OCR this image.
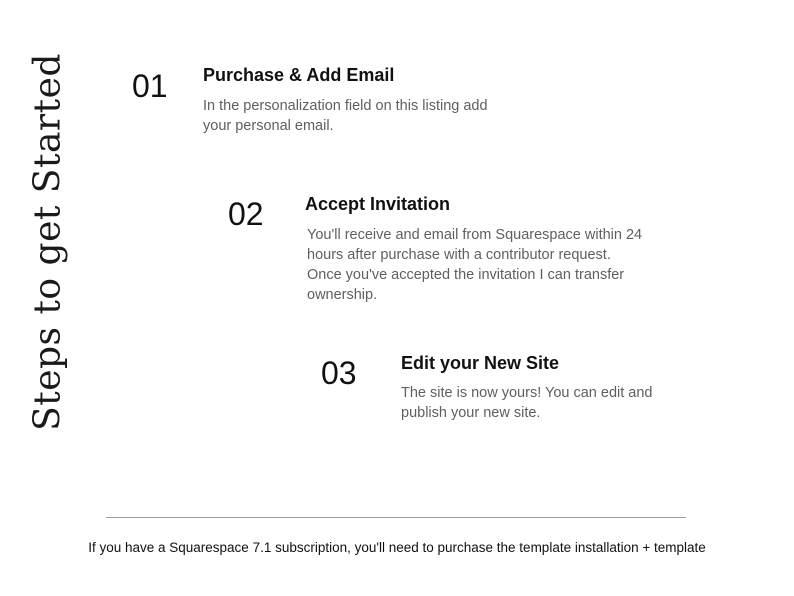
Steps to get Started 01 Purchase & Add Email
In the personalization field on this listing add
your personal email.
02 Accept Invitation
You'll receive and email from Squarespace within 24
hours after purchase with a contributor request.
Once you've accepted the invitation I can transfer
ownership.
03 Edit your New Site
The site is now yours! You can edit and
publish your new site.
If you have a Squarespace 7.1 subscription, you'll need to purchase the template installation + template
